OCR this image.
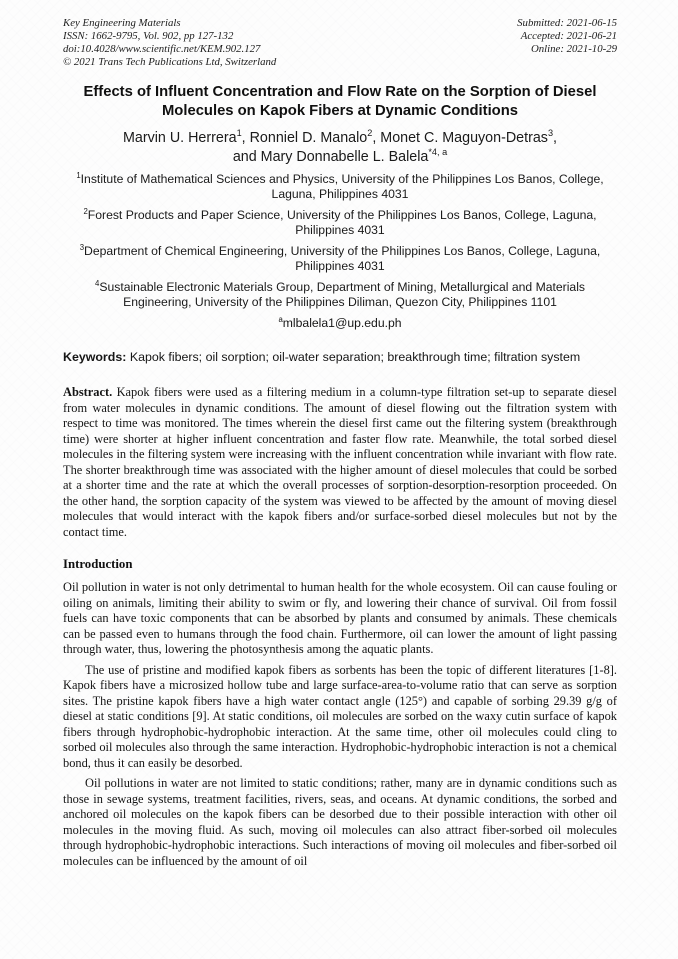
Key Engineering Materials
ISSN: 1662-9795, Vol. 902, pp 127-132
doi:10.4028/www.scientific.net/KEM.902.127
© 2021 Trans Tech Publications Ltd, Switzerland
Submitted: 2021-06-15
Accepted: 2021-06-21
Online: 2021-10-29
Effects of Influent Concentration and Flow Rate on the Sorption of Diesel Molecules on Kapok Fibers at Dynamic Conditions
Marvin U. Herrera$^1$, Ronniel D. Manalo$^2$, Monet C. Maguyon-Detras$^3$,
and Mary Donnabelle L. Balela$^{*4, a}$

$^1$Institute of Mathematical Sciences and Physics, University of the Philippines Los Banos, College, Laguna, Philippines 4031

$^2$Forest Products and Paper Science, University of the Philippines Los Banos, College, Laguna, Philippines 4031

$^3$Department of Chemical Engineering, University of the Philippines Los Banos, College, Laguna, Philippines 4031

$^4$Sustainable Electronic Materials Group, Department of Mining, Metallurgical and Materials Engineering, University of the Philippines Diliman, Quezon City, Philippines 1101

$^a$mlbalela1@up.edu.ph

Keywords: Kapok fibers; oil sorption; oil-water separation; breakthrough time; filtration system

Abstract. Kapok fibers were used as a filtering medium in a column-type filtration set-up to separate diesel from water molecules in dynamic conditions. The amount of diesel flowing out the filtration system with respect to time was monitored. The times wherein the diesel first came out the filtering system (breakthrough time) were shorter at higher influent concentration and faster flow rate. Meanwhile, the total sorbed diesel molecules in the filtering system were increasing with the influent concentration while invariant with flow rate. The shorter breakthrough time was associated with the higher amount of diesel molecules that could be sorbed at a shorter time and the rate at which the overall processes of sorption-desorption-resorption proceeded. On the other hand, the sorption capacity of the system was viewed to be affected by the amount of moving diesel molecules that would interact with the kapok fibers and/or surface-sorbed diesel molecules but not by the contact time.

Introduction

Oil pollution in water is not only detrimental to human health for the whole ecosystem. Oil can cause fouling or oiling on animals, limiting their ability to swim or fly, and lowering their chance of survival. Oil from fossil fuels can have toxic components that can be absorbed by plants and consumed by animals. These chemicals can be passed even to humans through the food chain. Furthermore, oil can lower the amount of light passing through water, thus, lowering the photosynthesis among the aquatic plants.

The use of pristine and modified kapok fibers as sorbents has been the topic of different literatures [1-8]. Kapok fibers have a microsized hollow tube and large surface-area-to-volume ratio that can serve as sorption sites. The pristine kapok fibers have a high water contact angle (125°) and capable of sorbing 29.39 g/g of diesel at static conditions [9]. At static conditions, oil molecules are sorbed on the waxy cutin surface of kapok fibers through hydrophobic-hydrophobic interaction. At the same time, other oil molecules could cling to sorbed oil molecules also through the same interaction. Hydrophobic-hydrophobic interaction is not a chemical bond, thus it can easily be desorbed.

Oil pollutions in water are not limited to static conditions; rather, many are in dynamic conditions such as those in sewage systems, treatment facilities, rivers, seas, and oceans. At dynamic conditions, the sorbed and anchored oil molecules on the kapok fibers can be desorbed due to their possible interaction with other oil molecules in the moving fluid. As such, moving oil molecules can also attract fiber-sorbed oil molecules through hydrophobic-hydrophobic interactions. Such interactions of moving oil molecules and fiber-sorbed oil molecules can be influenced by the amount of oil
